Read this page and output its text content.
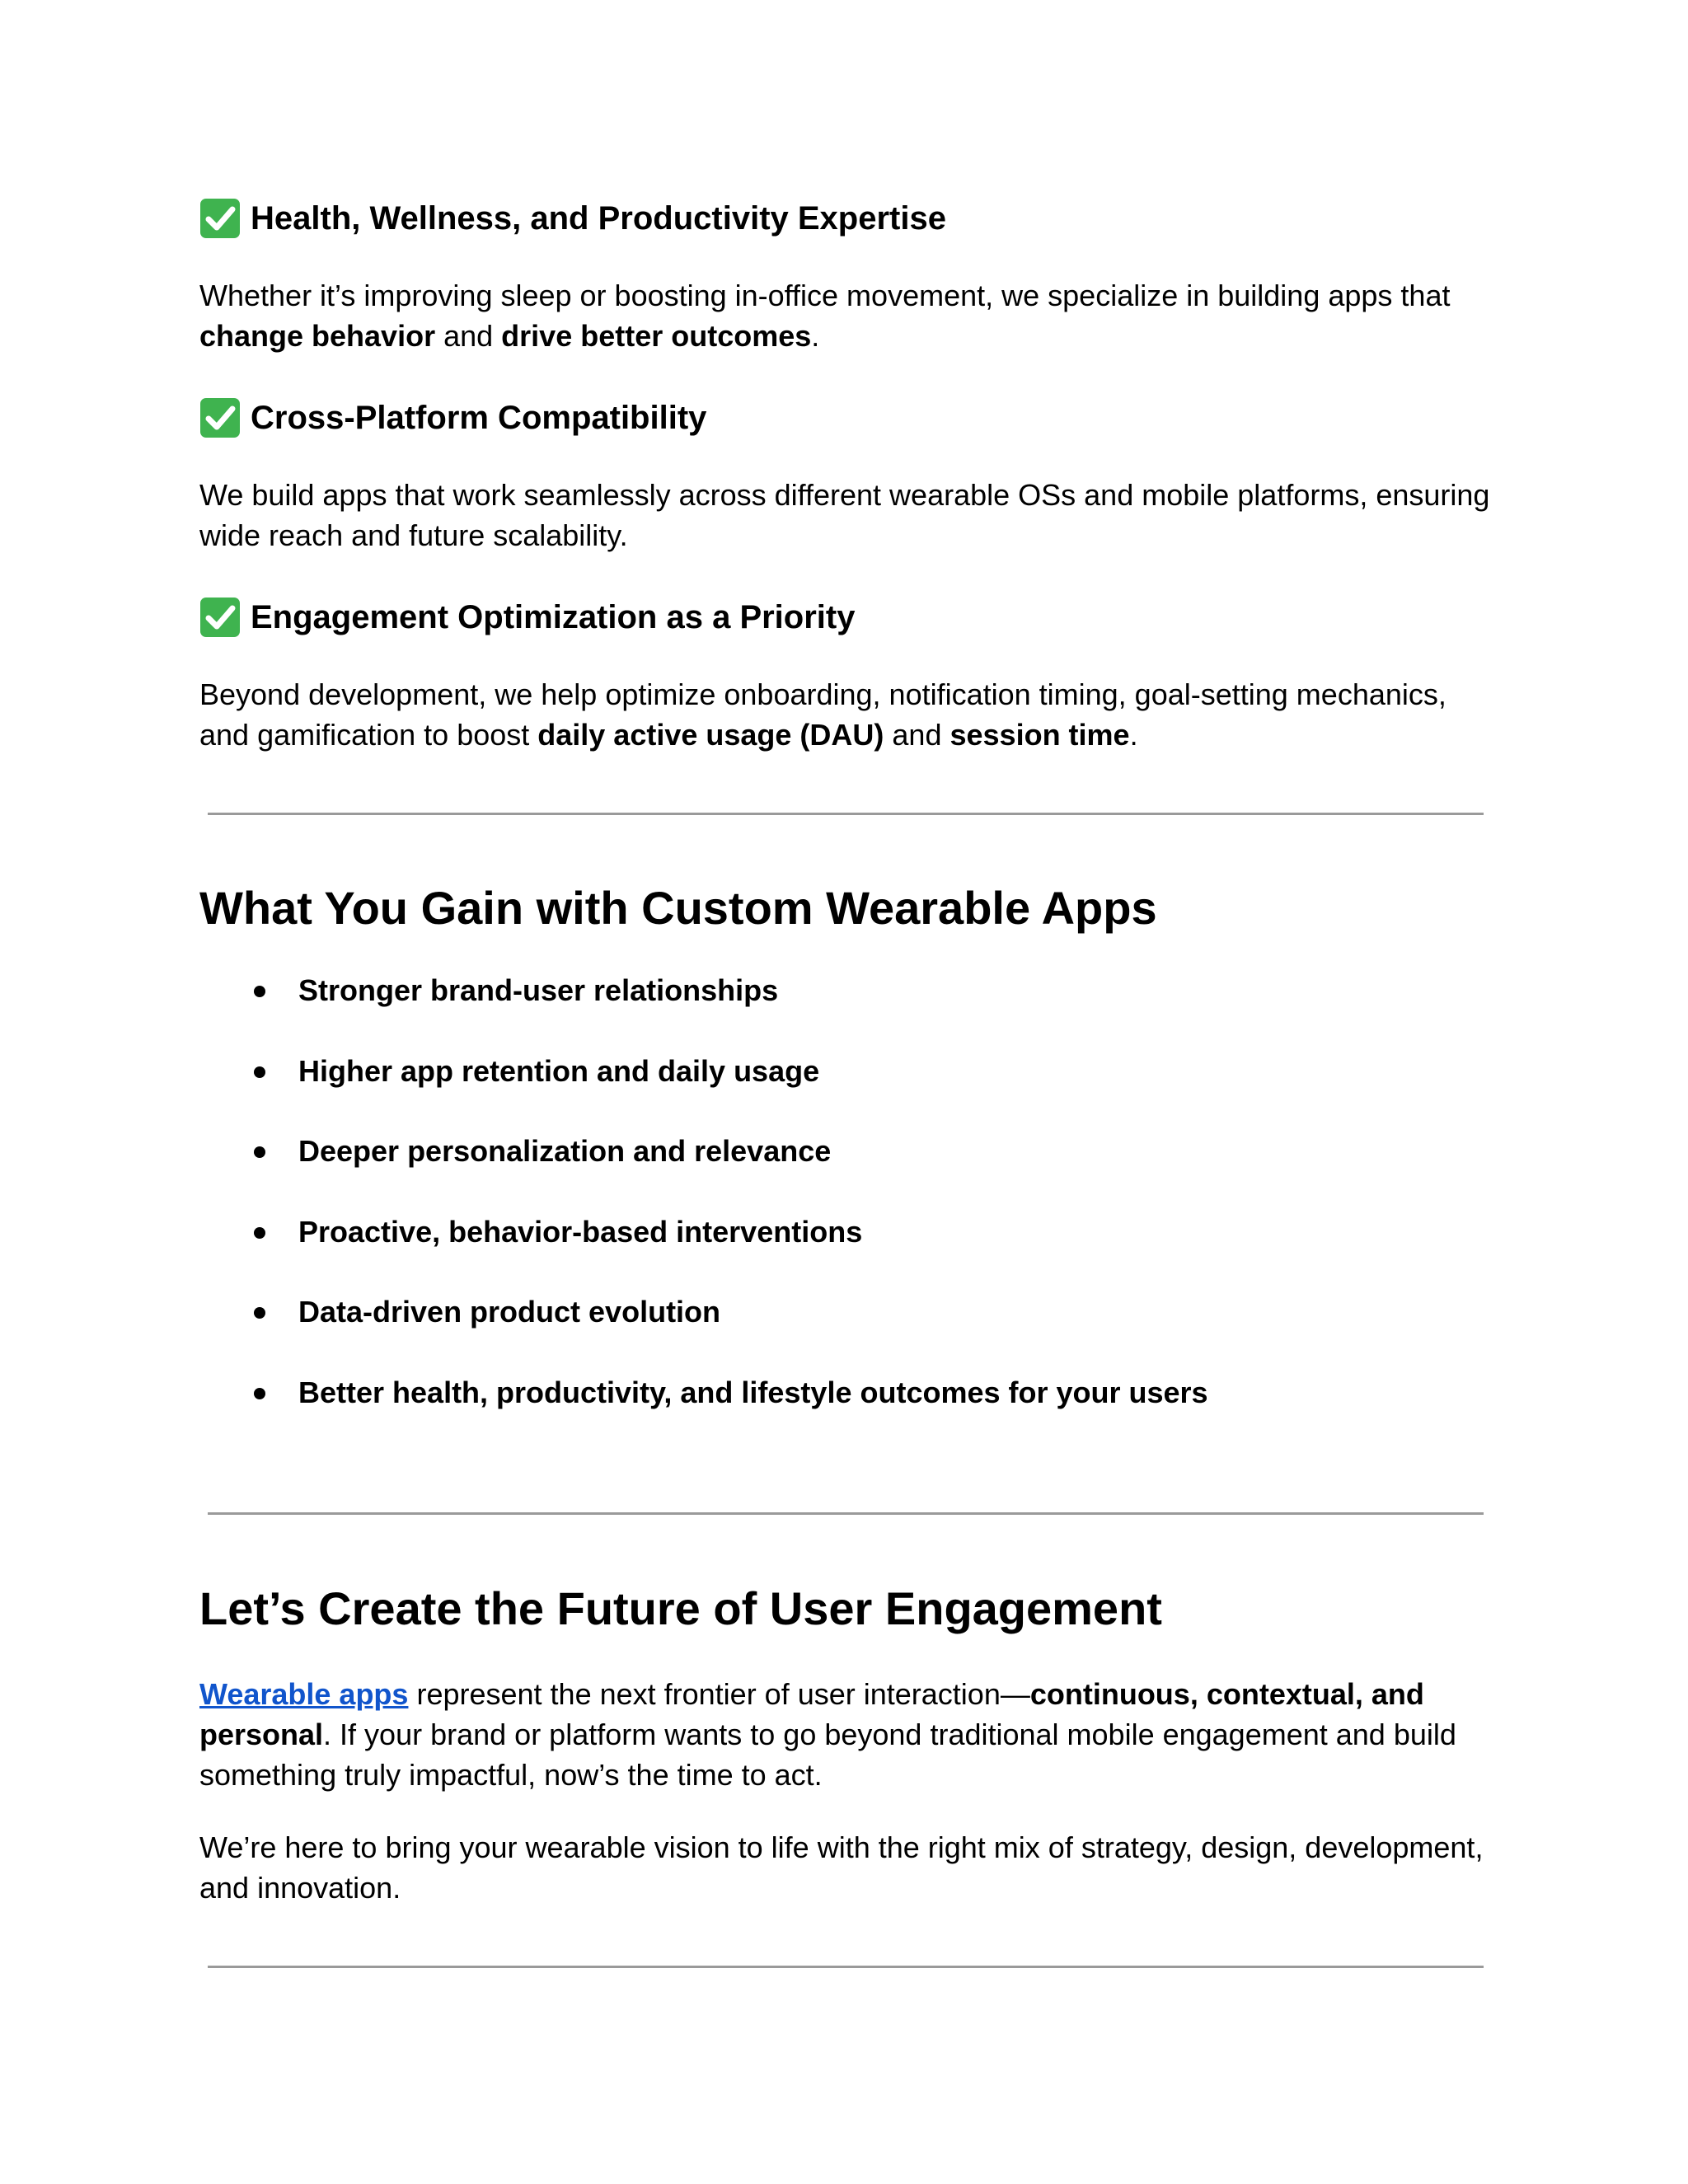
Health, Wellness, and Productivity Expertise

Whether it’s improving sleep or boosting in-office movement, we specialize in building apps that change behavior and drive better outcomes.

Cross-Platform Compatibility

We build apps that work seamlessly across different wearable OSs and mobile platforms, ensuring wide reach and future scalability.

Engagement Optimization as a Priority

Beyond development, we help optimize onboarding, notification timing, goal-setting mechanics, and gamification to boost daily active usage (DAU) and session time.

What You Gain with Custom Wearable Apps
Stronger brand-user relationships
Higher app retention and daily usage
Deeper personalization and relevance
Proactive, behavior-based interventions
Data-driven product evolution
Better health, productivity, and lifestyle outcomes for your users
Let’s Create the Future of User Engagement

Wearable apps represent the next frontier of user interaction—continuous, contextual, and personal. If your brand or platform wants to go beyond traditional mobile engagement and build something truly impactful, now’s the time to act.

We’re here to bring your wearable vision to life with the right mix of strategy, design, development, and innovation.
